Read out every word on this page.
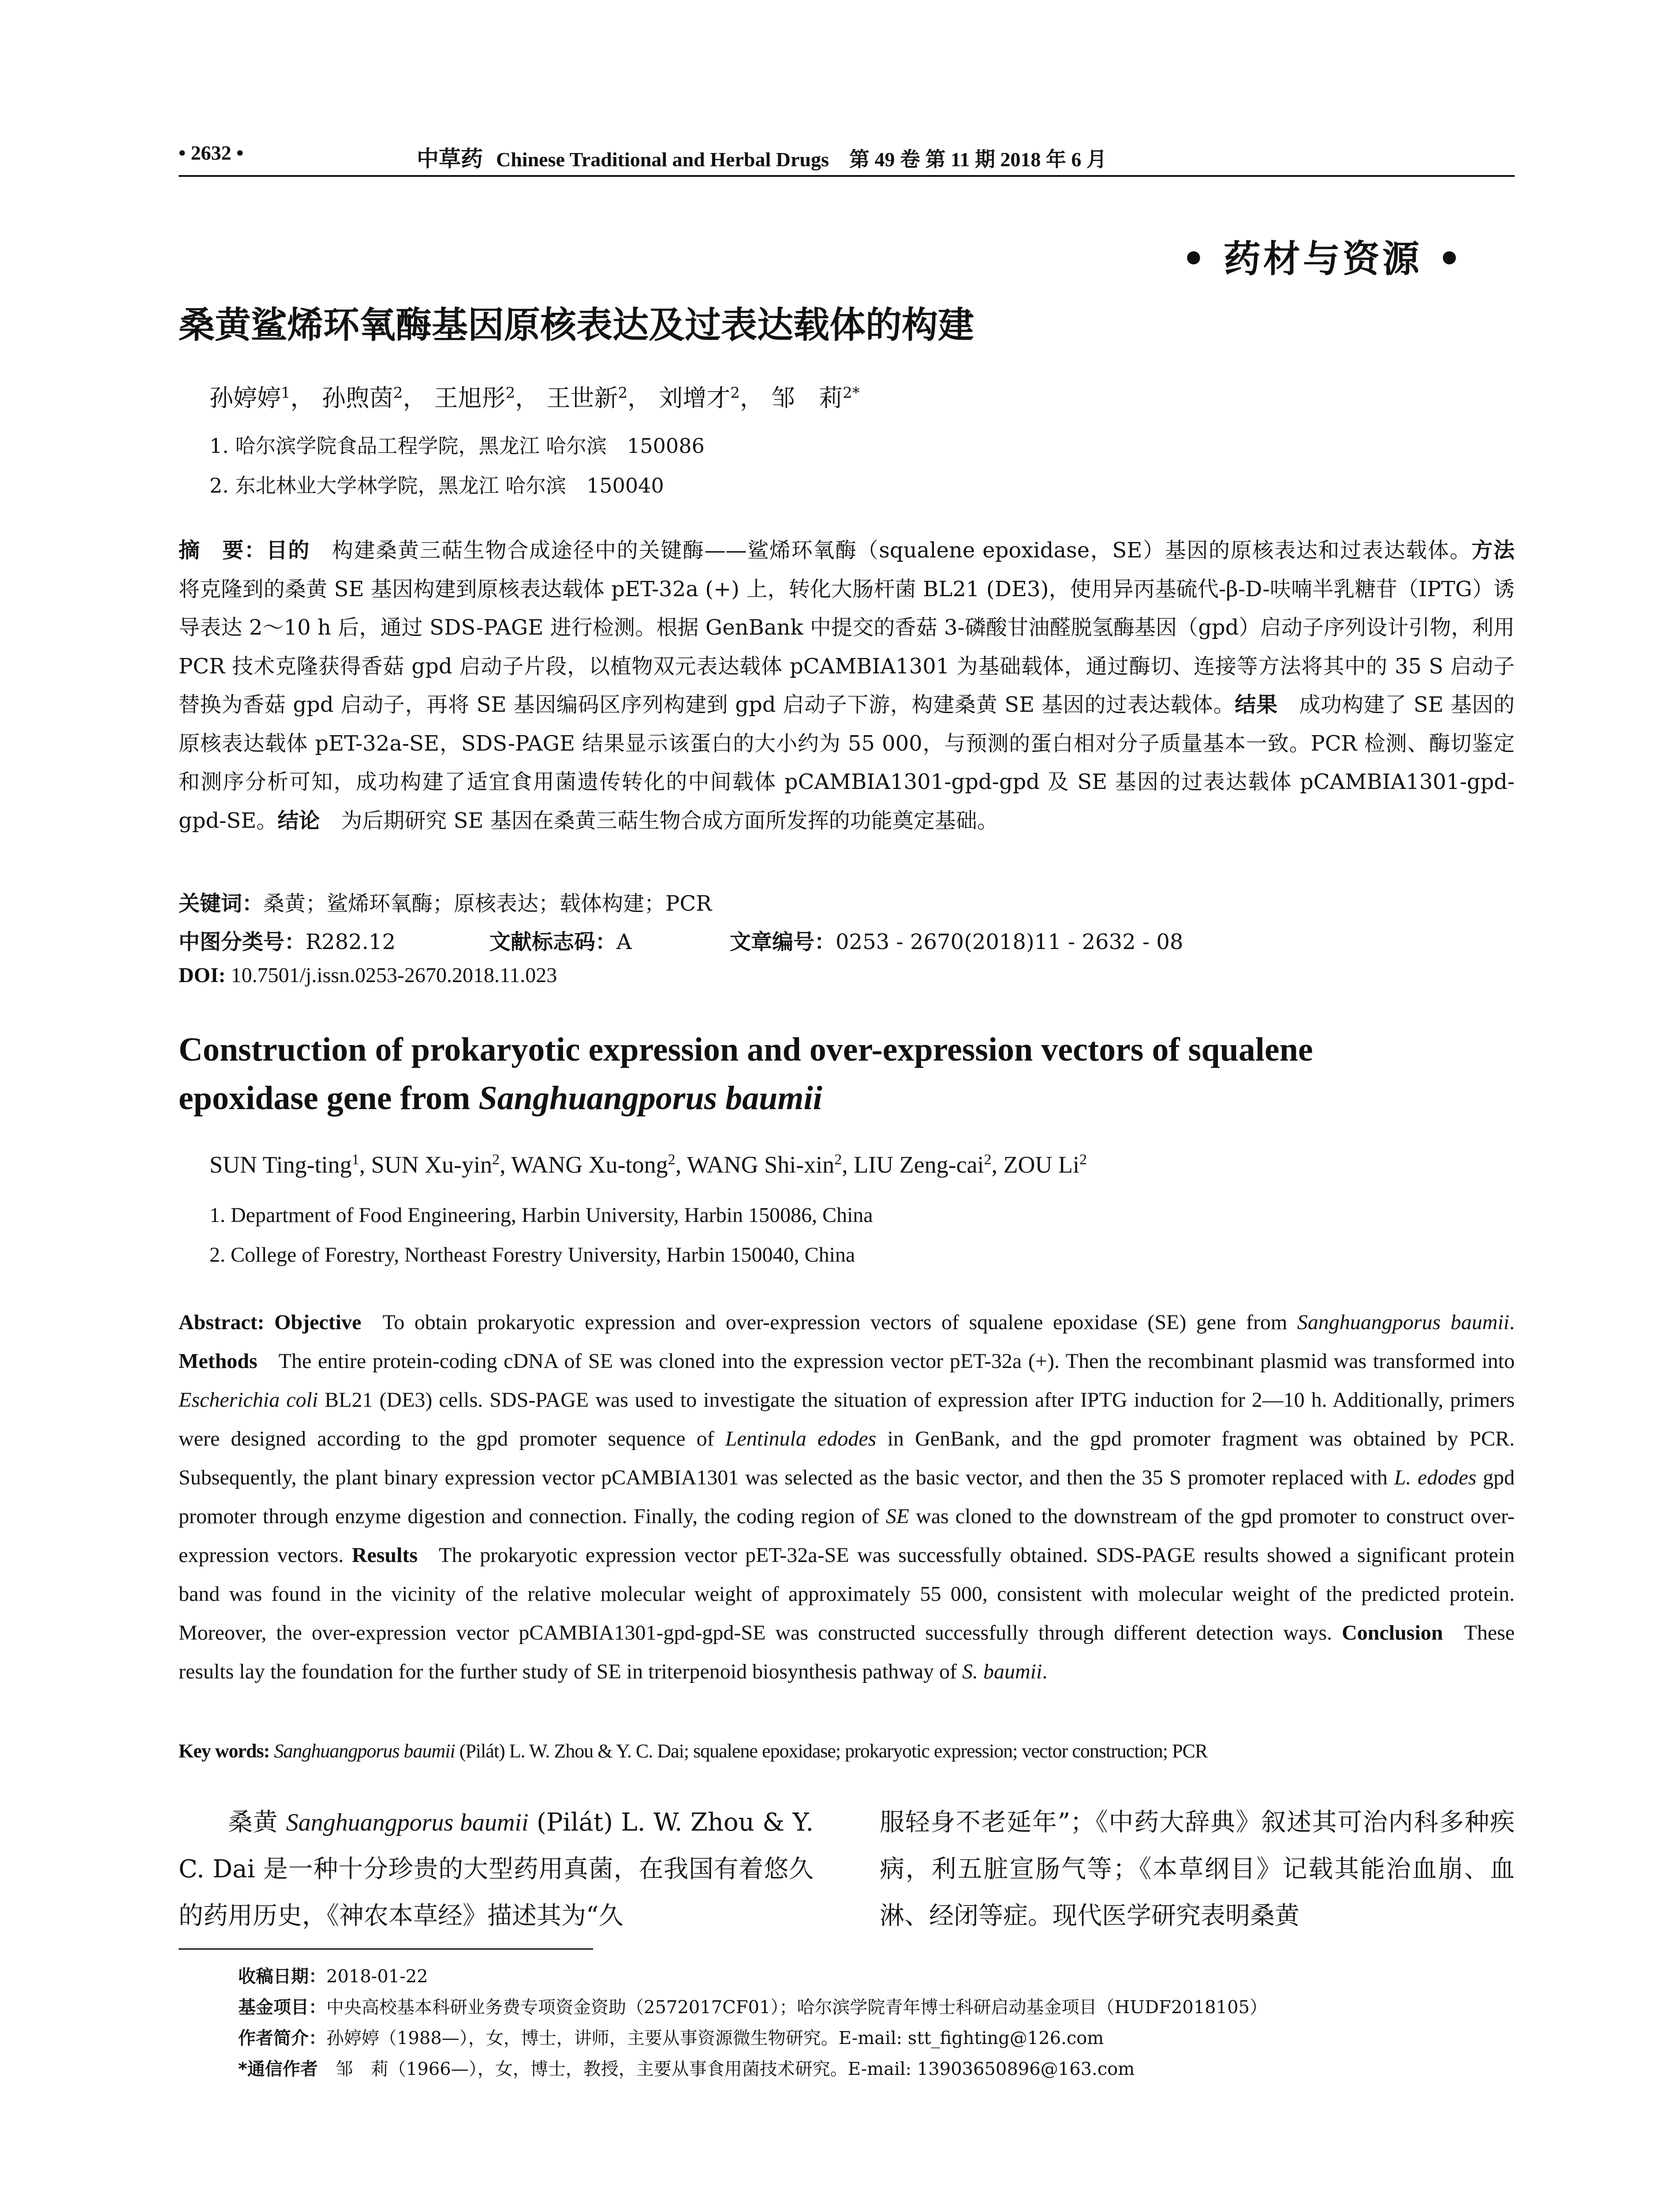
• 2632 •	中草药 Chinese Traditional and Herbal Drugs　 第 49 卷 第 11 期 2018 年 6 月
• 药材与资源 •
桑黄鲨烯环氧酶基因原核表达及过表达载体的构建
孙婷婷$^1$， 孙煦茵$^2$， 王旭彤$^2$， 王世新$^2$， 刘增才$^2$， 邹　莉$^{2*}$
1. 哈尔滨学院食品工程学院，黑龙江 哈尔滨　150086
2. 东北林业大学林学院，黑龙江 哈尔滨　150040
摘　要：目的　 构建桑黄三萜生物合成途径中的关键酶——鲨烯环氧酶（squalene epoxidase，SE）基因的原核表达和过表达载体。方法　将克隆到的桑黄 SE 基因构建到原核表达载体 pET-32a (+) 上，转化大肠杆菌 BL21 (DE3)，使用异丙基硫代-β-D-呋喃半乳糖苷（IPTG）诱导表达 2～10 h 后，通过 SDS-PAGE 进行检测。根据 GenBank 中提交的香菇 3-磷酸甘油醛脱氢酶基因（gpd）启动子序列设计引物，利用 PCR 技术克隆获得香菇 gpd 启动子片段，以植物双元表达载体 pCAMBIA1301 为基础载体，通过酶切、连接等方法将其中的 35 S 启动子替换为香菇 gpd 启动子，再将 SE 基因编码区序列构建到 gpd 启动子下游，构建桑黄 SE 基因的过表达载体。结果　 成功构建了 SE 基因的原核表达载体 pET-32a-SE，SDS-PAGE 结果显示该蛋白的大小约为 55 000，与预测的蛋白相对分子质量基本一致。PCR 检测、酶切鉴定和测序分析可知，成功构建了适宜食用菌遗传转化的中间载体 pCAMBIA1301-gpd-gpd 及 SE 基因的过表达载体 pCAMBIA1301-gpd-gpd-SE。结论　 为后期研究 SE 基因在桑黄三萜生物合成方面所发挥的功能奠定基础。
关键词：桑黄；鲨烯环氧酶；原核表达；载体构建；PCR
中图分类号：R282.12	文献标志码：A	文章编号：0253 - 2670(2018)11 - 2632 - 08
DOI: 10.7501/j.issn.0253-2670.2018.11.023
Construction of prokaryotic expression and over-expression vectors of squalene
epoxidase gene from Sanghuangporus baumii
SUN Ting-ting$^1$, SUN Xu-yin$^2$, WANG Xu-tong$^2$, WANG Shi-xin$^2$, LIU Zeng-cai$^2$, ZOU Li$^2$
1. Department of Food Engineering, Harbin University, Harbin 150086, China
2. College of Forestry, Northeast Forestry University, Harbin 150040, China
Abstract: Objective  To obtain prokaryotic expression and over-expression vectors of squalene epoxidase (SE) gene from Sanghuangporus baumii. Methods  The entire protein-coding cDNA of SE was cloned into the expression vector pET-32a (+). Then the recombinant plasmid was transformed into Escherichia coli BL21 (DE3) cells. SDS-PAGE was used to investigate the situation of expression after IPTG induction for 2—10 h. Additionally, primers were designed according to the gpd promoter sequence of Lentinula edodes in GenBank, and the gpd promoter fragment was obtained by PCR. Subsequently, the plant binary expression vector pCAMBIA1301 was selected as the basic vector, and then the 35 S promoter replaced with L. edodes gpd promoter through enzyme digestion and connection. Finally, the coding region of SE was cloned to the downstream of the gpd promoter to construct over-expression vectors. Results  The prokaryotic expression vector pET-32a-SE was successfully obtained. SDS-PAGE results showed a significant protein band was found in the vicinity of the relative molecular weight of approximately 55 000, consistent with molecular weight of the predicted protein. Moreover, the over-expression vector pCAMBIA1301-gpd-gpd-SE was constructed successfully through different detection ways. Conclusion  These results lay the foundation for the further study of SE in triterpenoid biosynthesis pathway of S. baumii.
Key words: Sanghuangporus baumii (Pilát) L. W. Zhou & Y. C. Dai; squalene epoxidase; prokaryotic expression; vector construction; PCR
桑黄 Sanghuangporus baumii (Pilát) L. W. Zhou & Y. C. Dai 是一种十分珍贵的大型药用真菌，在我国有着悠久的药用历史，《神农本草经》描述其为“久
服轻身不老延年”；《中药大辞典》叙述其可治内科多种疾病，利五脏宣肠气等；《本草纲目》记载其能治血崩、血淋、经闭等症。现代医学研究表明桑黄
收稿日期：2018-01-22
基金项目：中央高校基本科研业务费专项资金资助（2572017CF01）；哈尔滨学院青年博士科研启动基金项目（HUDF2018105）
作者简介：孙婷婷（1988—），女，博士，讲师，主要从事资源微生物研究。E-mail: stt_fighting@126.com
*通信作者　邹　莉（1966—），女，博士，教授，主要从事食用菌技术研究。E-mail: 13903650896@163.com
